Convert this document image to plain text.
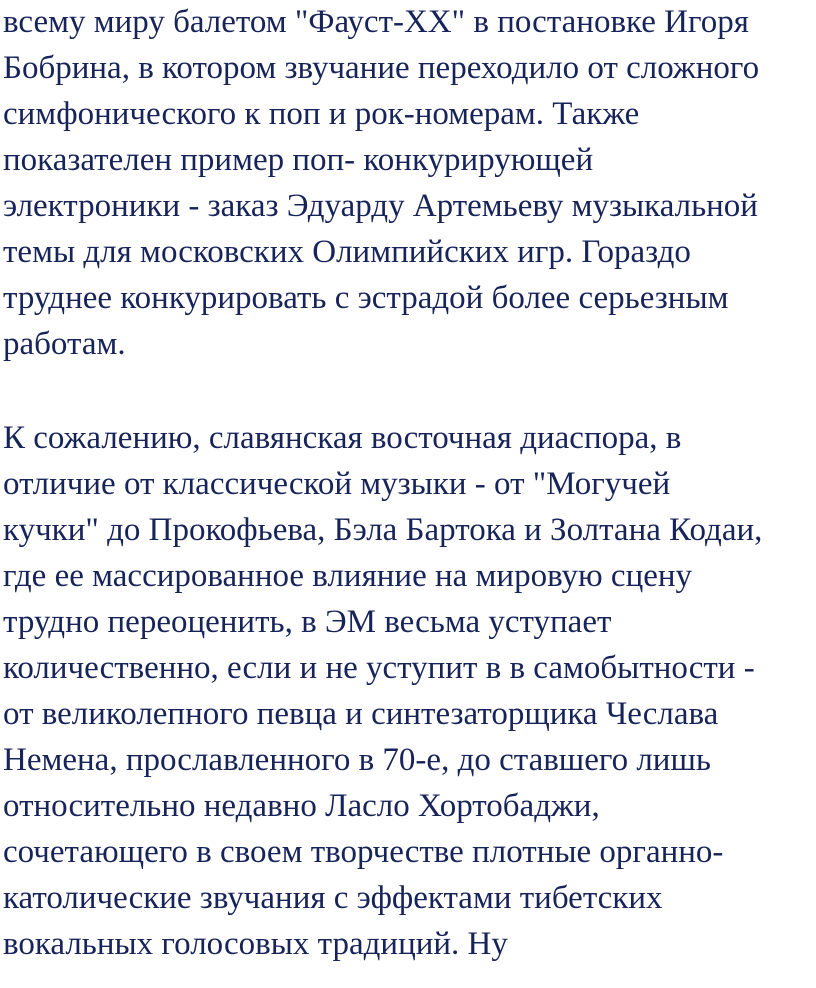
всему миру балетом "Фауст-XX" в постановке Игоря
Бобрина, в котором звучание переходило от сложного
симфонического к поп и рок-номерам. Также
показателен пример поп- конкурирующей
электроники - заказ Эдуарду Артемьеву музыкальной
темы для московских Олимпийских игр. Гораздо
труднее конкурировать с эстрадой более серьезным
работам.
К сожалению, славянская восточная диаспора, в
отличие от классической музыки - от "Могучей
кучки" до Прокофьева, Бэла Бартока и Золтана Кодаи,
где ее массированное влияние на мировую сцену
трудно переоценить, в ЭМ весьма уступает
количественно, если и не уступит в в самобытности -
от великолепного певца и синтезаторщика Чеслава
Немена, прославленного в 70-е, до ставшего лишь
относительно недавно Ласло Хортобаджи,
сочетающего в своем творчестве плотные органно-
католические звучания с эффектами тибетских
вокальных голосовых традиций. Ну
